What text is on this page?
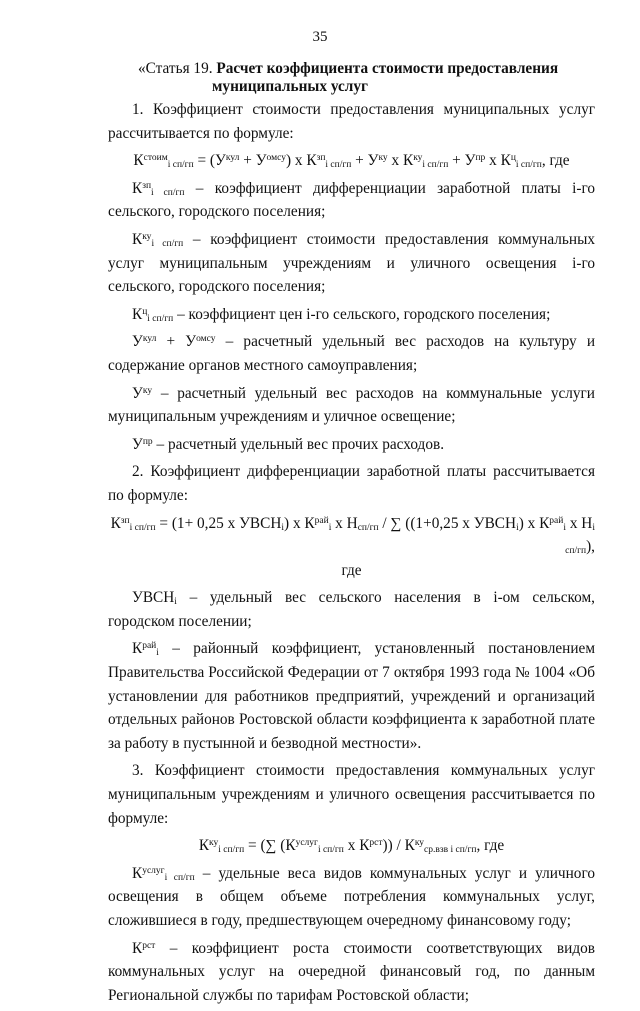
35
«Статья 19. Расчет коэффициента стоимости предоставления
муниципальных услуг

1. Коэффициент стоимости предоставления муниципальных услуг рассчитывается по формуле:

$К^{стоим}_{i сп/гп} = (У^{кул} + У^{омсу})$ х $К^{зп}_{i сп/гп} + У^{ку}$ х $К^{ку}_{i сп/гп} + У^{пр}$ х $К^ц_{i сп/гп}$, где

$К^{зп}_{i сп/гп}$ – коэффициент дифференциации заработной платы i-го сельского, городского поселения;

$К^{ку}_{i сп/гп}$ – коэффициент стоимости предоставления коммунальных услуг муниципальным учреждениям и уличного освещения i-го сельского, городского поселения;

$К^ц_{i сп/гп}$ – коэффициент цен i-го сельского, городского поселения;

$У^{кул} + У^{омсу}$ – расчетный удельный вес расходов на культуру и содержание органов местного самоуправления;

$У^{ку}$ – расчетный удельный вес расходов на коммунальные услуги муниципальным учреждениям и уличное освещение;

$У^{пр}$ – расчетный удельный вес прочих расходов.

2. Коэффициент дифференциации заработной платы рассчитывается по формуле:

$К^{зп}_{i сп/гп} = (1+ 0,25$ х $УВСН_i$) х $К^{рай}_i$ х $Н_{сп/гп}$ / ∑ ((1+0,25 х $УВСН_i$) х $К^{рай}_i$ х $Н_{i сп/гп}$),
где

$УВСН_i$ – удельный вес сельского населения в i-ом сельском, городском поселении;

$К^{рай}_i$ – районный коэффициент, установленный постановлением Правительства Российской Федерации от 7 октября 1993 года № 1004 «Об установлении для работников предприятий, учреждений и организаций отдельных районов Ростовской области коэффициента к заработной плате за работу в пустынной и безводной местности».

3. Коэффициент стоимости предоставления коммунальных услуг муниципальным учреждениям и уличного освещения рассчитывается по формуле:

$К^{ку}_{i сп/гп}$ = (∑ ($К^{услуг}_{i сп/гп}$ х $К^{рст})) / К^{ку}_{ср.взв i сп/гп}$, где

$К^{услуг}_{i сп/гп}$ – удельные веса видов коммунальных услуг и уличного освещения в общем объеме потребления коммунальных услуг, сложившиеся в году, предшествующем очередному финансовому году;

$К^{рст}$ – коэффициент роста стоимости соответствующих видов коммунальных услуг на очередной финансовый год, по данным Региональной службы по тарифам Ростовской области;
